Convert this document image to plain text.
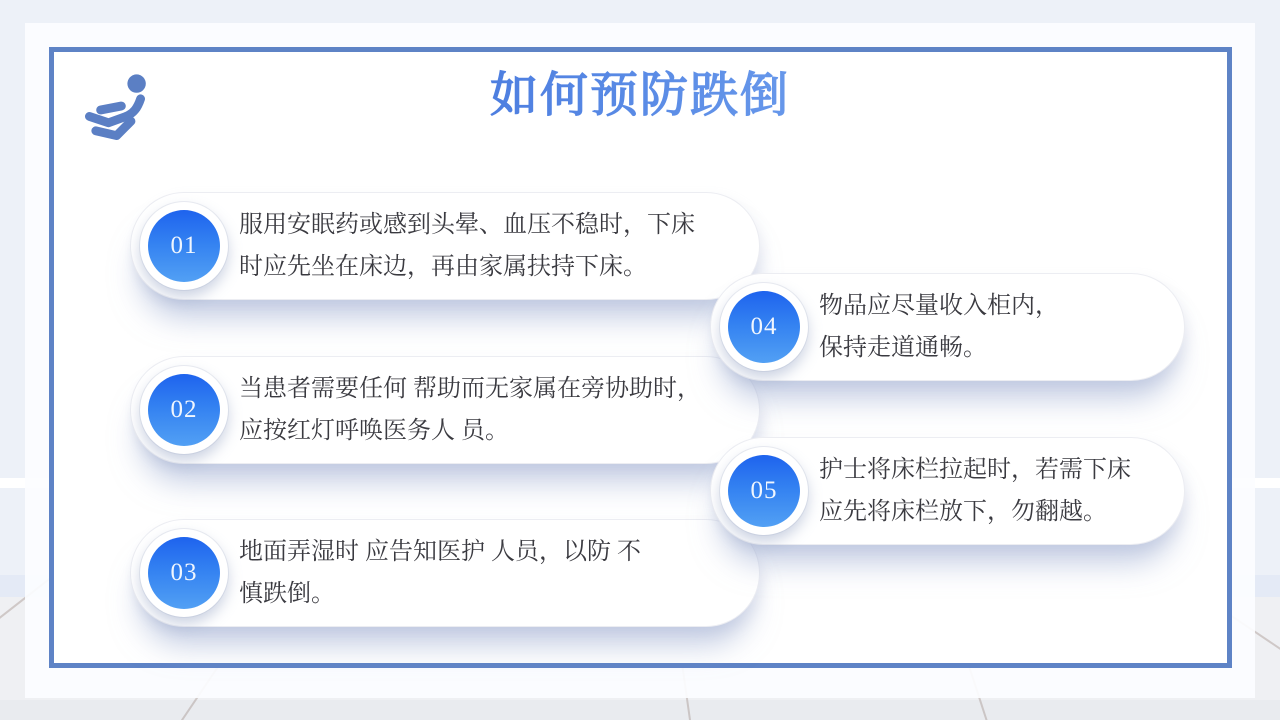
如何预防跌倒
01
服用安眠药或感到头晕、血压不稳时，下床
时应先坐在床边，再由家属扶持下床。
02
当患者需要任何 帮助而无家属在旁协助时，
应按红灯呼唤医务人 员。
03
地面弄湿时 应告知医护 人员，以防 不
慎跌倒。
04
物品应尽量收入柜内，
保持走道通畅。
05
护士将床栏拉起时，若需下床
应先将床栏放下，勿翻越。
